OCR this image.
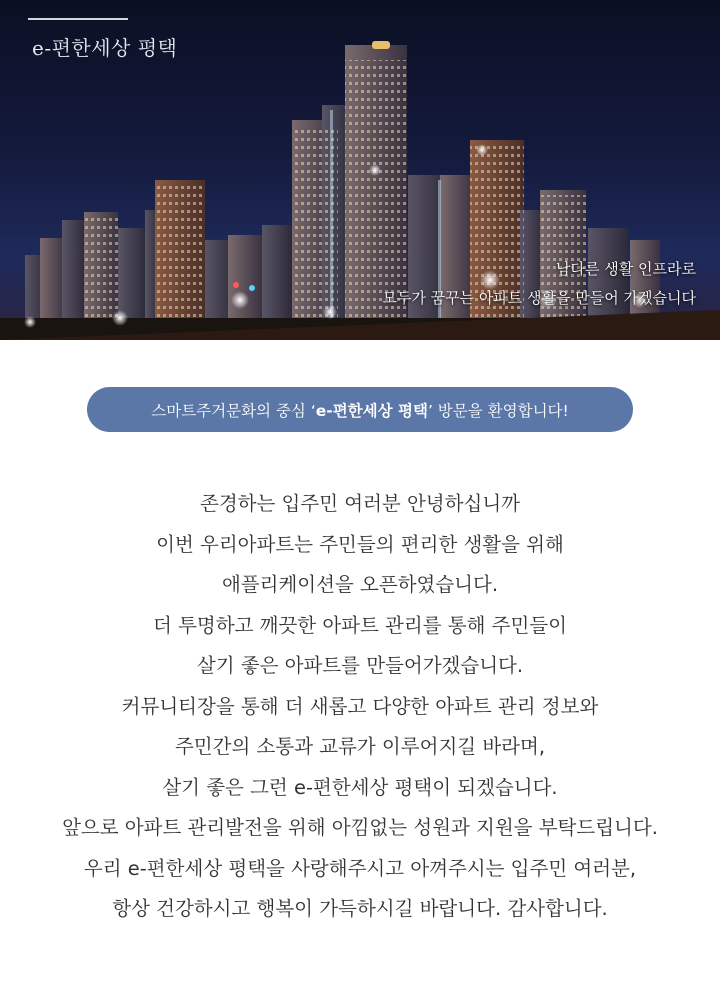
e-편한세상 평택
남다른 생활 인프라로
모두가 꿈꾸는 아파트 생활을 만들어 가겠습니다
스마트주거문화의 중심 ‘ e-편한세상 평택 ’ 방문을 환영합니다!
존경하는 입주민 여러분 안녕하십니까
이번 우리아파트는 주민들의 편리한 생활을 위해
애플리케이션을 오픈하였습니다.
더 투명하고 깨끗한 아파트 관리를 통해 주민들이
살기 좋은 아파트를 만들어가겠습니다.
커뮤니티장을 통해 더 새롭고 다양한 아파트 관리 정보와
주민간의 소통과 교류가 이루어지길 바라며,
살기 좋은 그런 e-편한세상 평택이 되겠습니다.
앞으로 아파트 관리발전을 위해 아낌없는 성원과 지원을 부탁드립니다.
우리 e-편한세상 평택을 사랑해주시고 아껴주시는 입주민 여러분,
항상 건강하시고 행복이 가득하시길 바랍니다. 감사합니다.
